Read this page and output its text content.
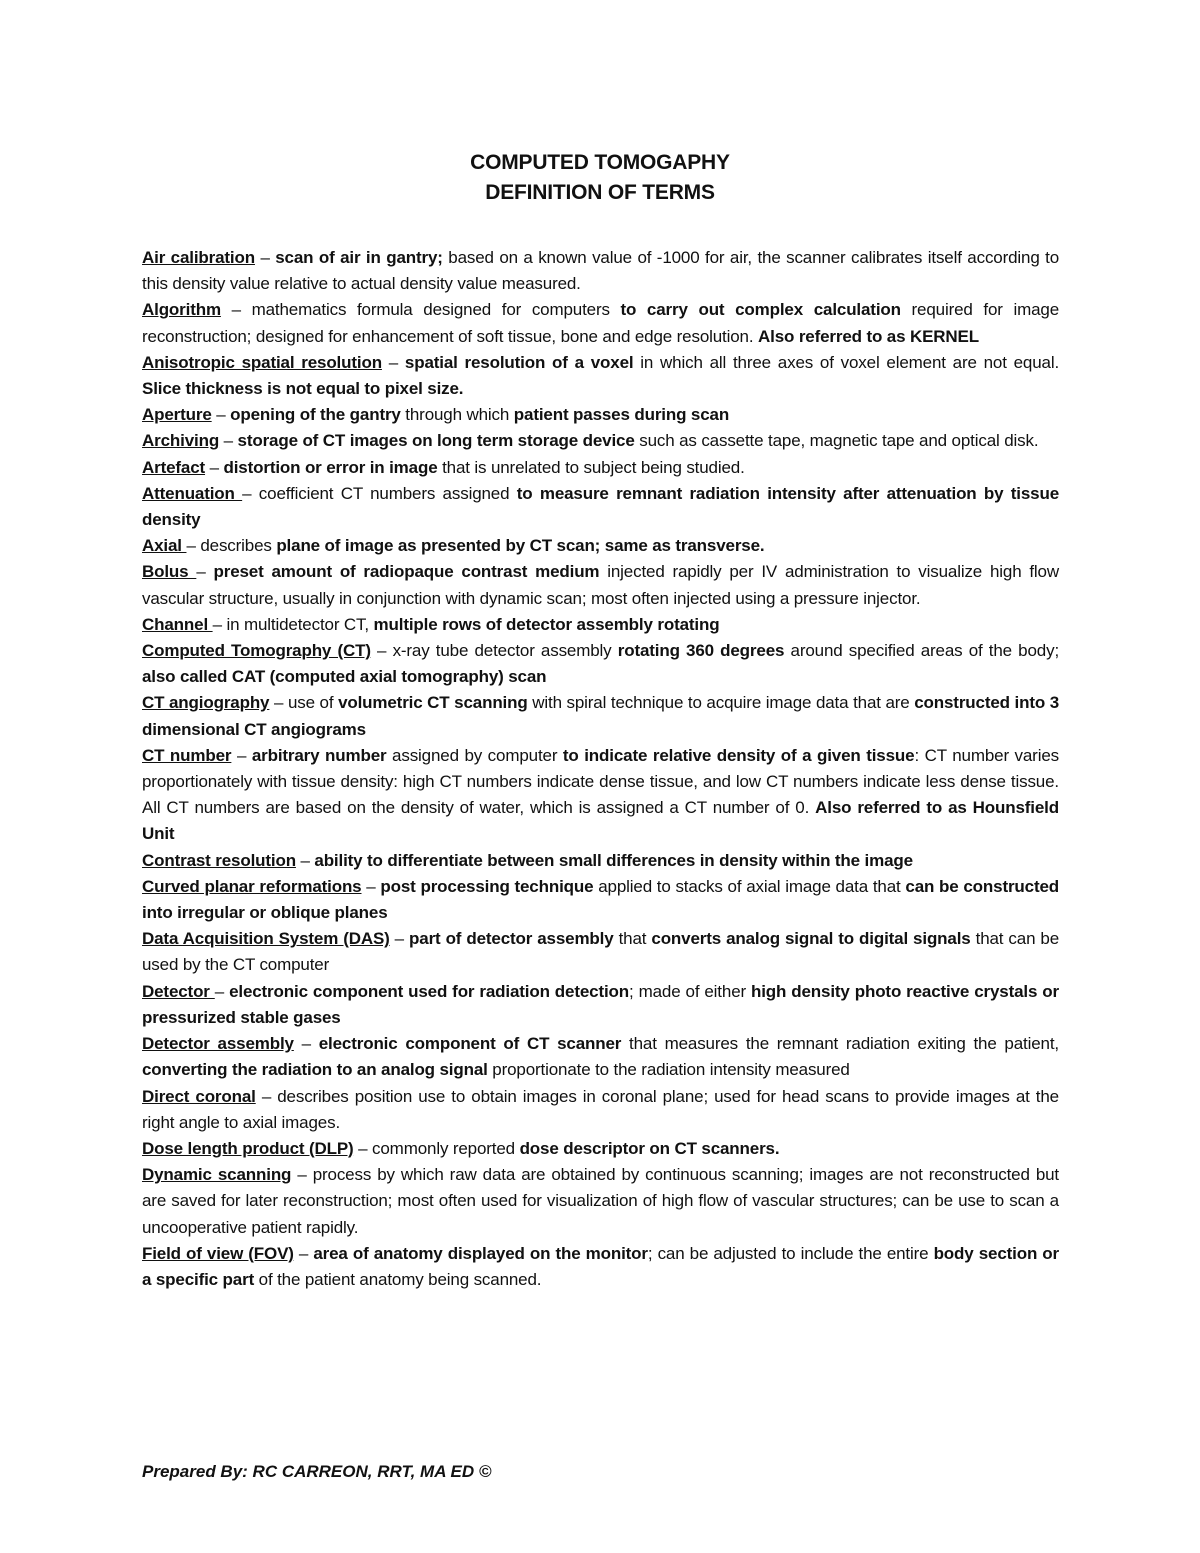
COMPUTED TOMOGAPHY
DEFINITION OF TERMS

Air calibration – scan of air in gantry; based on a known value of -1000 for air, the scanner calibrates itself according to this density value relative to actual density value measured.

Algorithm – mathematics formula designed for computers to carry out complex calculation required for image reconstruction; designed for enhancement of soft tissue, bone and edge resolution. Also referred to as KERNEL

Anisotropic spatial resolution – spatial resolution of a voxel in which all three axes of voxel element are not equal. Slice thickness is not equal to pixel size.

Aperture – opening of the gantry through which patient passes during scan

Archiving – storage of CT images on long term storage device such as cassette tape, magnetic tape and optical disk.

Artefact – distortion or error in image that is unrelated to subject being studied.

Attenuation – coefficient CT numbers assigned to measure remnant radiation intensity after attenuation by tissue density

Axial – describes plane of image as presented by CT scan; same as transverse.

Bolus – preset amount of radiopaque contrast medium injected rapidly per IV administration to visualize high flow vascular structure, usually in conjunction with dynamic scan; most often injected using a pressure injector.

Channel – in multidetector CT, multiple rows of detector assembly rotating

Computed Tomography (CT) – x-ray tube detector assembly rotating 360 degrees around specified areas of the body; also called CAT (computed axial tomography) scan

CT angiography – use of volumetric CT scanning with spiral technique to acquire image data that are constructed into 3 dimensional CT angiograms

CT number – arbitrary number assigned by computer to indicate relative density of a given tissue: CT number varies proportionately with tissue density: high CT numbers indicate dense tissue, and low CT numbers indicate less dense tissue. All CT numbers are based on the density of water, which is assigned a CT number of 0. Also referred to as Hounsfield Unit

Contrast resolution – ability to differentiate between small differences in density within the image

Curved planar reformations – post processing technique applied to stacks of axial image data that can be constructed into irregular or oblique planes

Data Acquisition System (DAS) – part of detector assembly that converts analog signal to digital signals that can be used by the CT computer

Detector – electronic component used for radiation detection; made of either high density photo reactive crystals or pressurized stable gases

Detector assembly – electronic component of CT scanner that measures the remnant radiation exiting the patient, converting the radiation to an analog signal proportionate to the radiation intensity measured

Direct coronal – describes position use to obtain images in coronal plane; used for head scans to provide images at the right angle to axial images.

Dose length product (DLP) – commonly reported dose descriptor on CT scanners.

Dynamic scanning – process by which raw data are obtained by continuous scanning; images are not reconstructed but are saved for later reconstruction; most often used for visualization of high flow of vascular structures; can be use to scan a uncooperative patient rapidly.

Field of view (FOV) – area of anatomy displayed on the monitor; can be adjusted to include the entire body section or a specific part of the patient anatomy being scanned.

Prepared By: RC CARREON, RRT, MA ED ©
